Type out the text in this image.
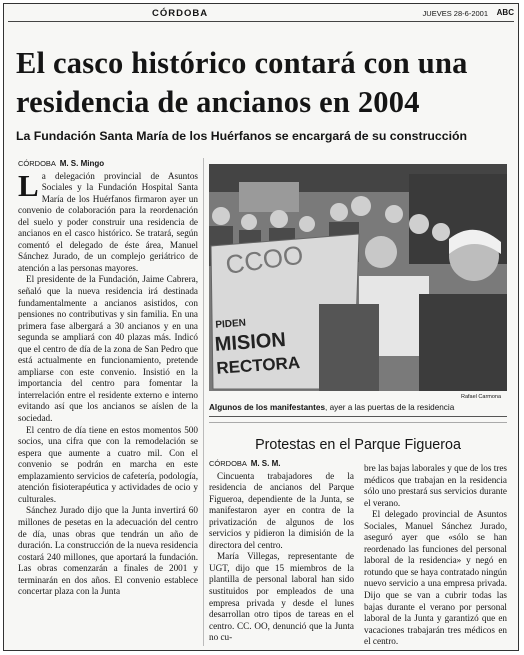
CÓRDOBA	JUEVES 28-6-2001 ABC
El casco histórico contará con una residencia de ancianos en 2004
La Fundación Santa María de los Huérfanos se encargará de su construcción
CÓRDOBA M. S. Mingo

La delegación provincial de Asuntos Sociales y la Fundación Hospital Santa María de los Huérfanos firmaron ayer un convenio de colaboración para la reordenación del suelo y poder construir una residencia de ancianos en el casco histórico. Se tratará, según comentó el delegado de éste área, Manuel Sánchez Jurado, de un complejo geriátrico de atención a las personas mayores.

El presidente de la Fundación, Jaime Cabrera, señaló que la nueva residencia irá destinada fundamentalmente a ancianos asistidos, con pensiones no contributivas y sin familia. En una primera fase albergará a 30 ancianos y en una segunda se ampliará con 40 plazas más. Indicó que el centro de día de la zona de San Pedro que está actualmente en funcionamiento, pretende ampliarse con este convenio. Insistió en la importancia del centro para fomentar la interrelación entre el residente externo e interno evitando así que los ancianos se aíslen de la sociedad.

El centro de día tiene en estos momentos 500 socios, una cifra que con la remodelación se espera que aumente a cuatro mil. Con el convenio se podrán en marcha en este emplazamiento servicios de cafetería, podología, atención fisioterapéutica y actividades de ocio y culturales.

Sánchez Jurado dijo que la Junta invertirá 60 millones de pesetas en la adecuación del centro de día, unas obras que tendrán un año de duración. La construcción de la nueva residencia costará 240 millones, que aportará la fundación. Las obras comenzarán a finales de 2001 y terminarán en dos años. El convenio establece concertar plaza con la Junta

CCOO
PIDEN
MISION
RECTORA
Rafael Carmona
Algunos de los manifestantes, ayer a las puertas de la residencia
Protestas en el Parque Figueroa
CÓRDOBA M. S. M.

Cincuenta trabajadores de la residencia de ancianos del Parque Figueroa, dependiente de la Junta, se manifestaron ayer en contra de la privatización de algunos de los servicios y pidieron la dimisión de la directora del centro.

María Villegas, representante de UGT, dijo que 15 miembros de la plantilla de personal laboral han sido sustituidos por empleados de una empresa privada y desde el lunes desarrollan otro tipos de tareas en el centro. CC. OO, denunció que la Junta no cu-

bre las bajas laborales y que de los tres médicos que trabajan en la residencia sólo uno prestará sus servicios durante el verano.

El delegado provincial de Asuntos Sociales, Manuel Sánchez Jurado, aseguró ayer que «sólo se han reordenado las funciones del personal laboral de la residencia» y negó en rotundo que se haya contratado ningún nuevo servicio a una empresa privada. Dijo que se van a cubrir todas las bajas durante el verano por personal laboral de la Junta y garantizó que en vacaciones trabajarán tres médicos en el centro.
